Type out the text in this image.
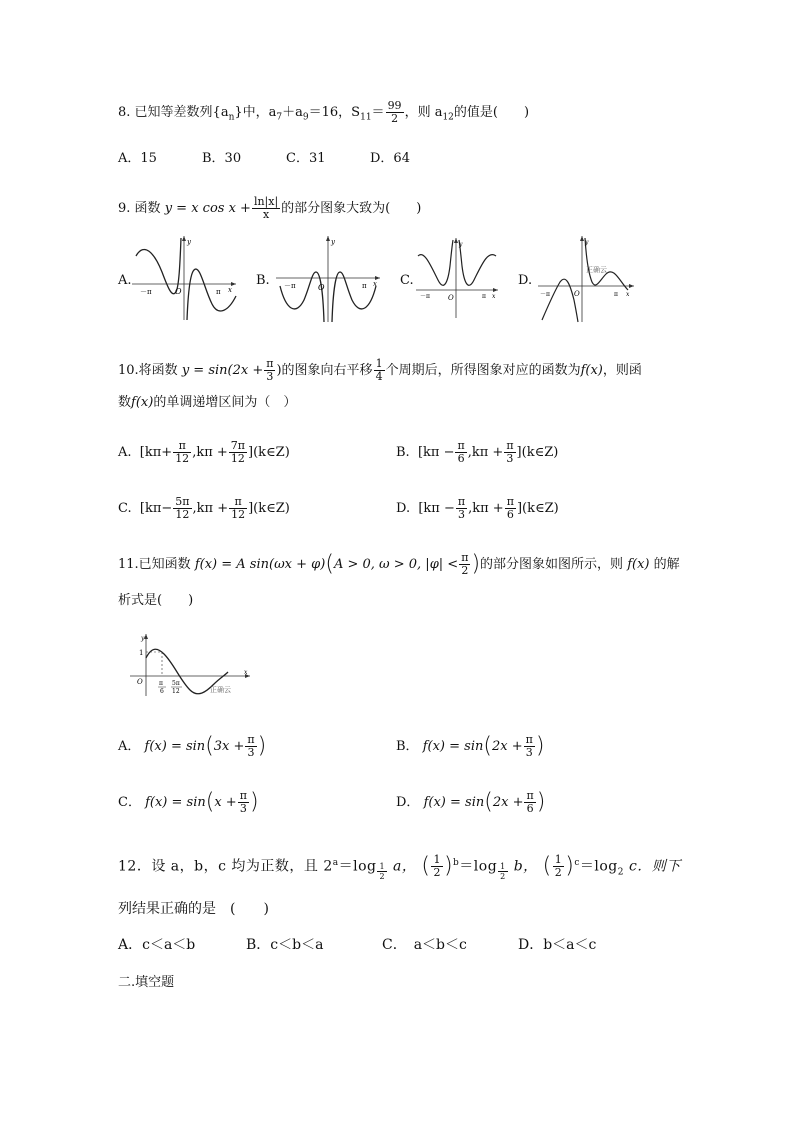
8. 已知等差数列$\{a_n\}$中，$a_7+a_9=16$，$S_{11}= \frac{99}{2}$ ，则 $a_{12}$的值是(　　)
A．15	B．30	C．31	D．64
9. 函数 y = x $\cos x + \frac{\ln|x|}{x}$ 的部分图象大致为(　　)
A.	B.	C.	D.
－π	O	π x
y
－π	O	π x
y
－π	O	π x
y
－π	O	π x
y
正确云
10.将函数 $y = \sin(2x + \frac{\pi}{3}$ )的图象向右平移 $\frac{1}{4}$ 个周期后，所得图象对应的函数为f(x)，则函
数f(x)的单调递增区间为（　）
A. [$k\pi+ \frac{\pi}{12} ,k\pi + \frac{7\pi}{12}$ ](k∈Z)	B. [$k\pi - \frac{\pi}{6} ,k\pi + \frac{\pi}{3}$ ](k∈Z)
C. [$k\pi- \frac{5\pi}{12} ,k\pi + \frac{\pi}{12}$ ](k∈Z)	D. [$k\pi - \frac{\pi}{3} ,k\pi + \frac{\pi}{6}$ ](k∈Z)
11.已知函数 f(x) = A sin(ωx + φ)(A > 0, ω > 0, $|\varphi| < \frac{\pi}{2}$ )的部分图象如图所示，则 f(x) 的解
析式是(　　)
y
1
O
x
π
6
5π
12	正确云
A． $f(x) = \sin(3x + \frac{\pi}{3}$ )	B． $f(x) = \sin(2x + \frac{\pi}{3}$ )
C． $f(x) = \sin(x + \frac{\pi}{3}$ )	D． $f(x) = \sin(2x + \frac{\pi}{6}$ )
12．设 a，b，c 均为正数，且 $2^a=\log$ $_{\frac{1}{2}}$ a， ( $\frac{1}{2} )^b=\log$ $_{\frac{1}{2}}$ b， ( $\frac{1}{2} )^c=\log_2$ c．则下
列结果正确的是　(　　)
A．c＜a＜b	B．c＜b＜a	C．　a＜b＜c	D．b＜a＜c
二.填空题
